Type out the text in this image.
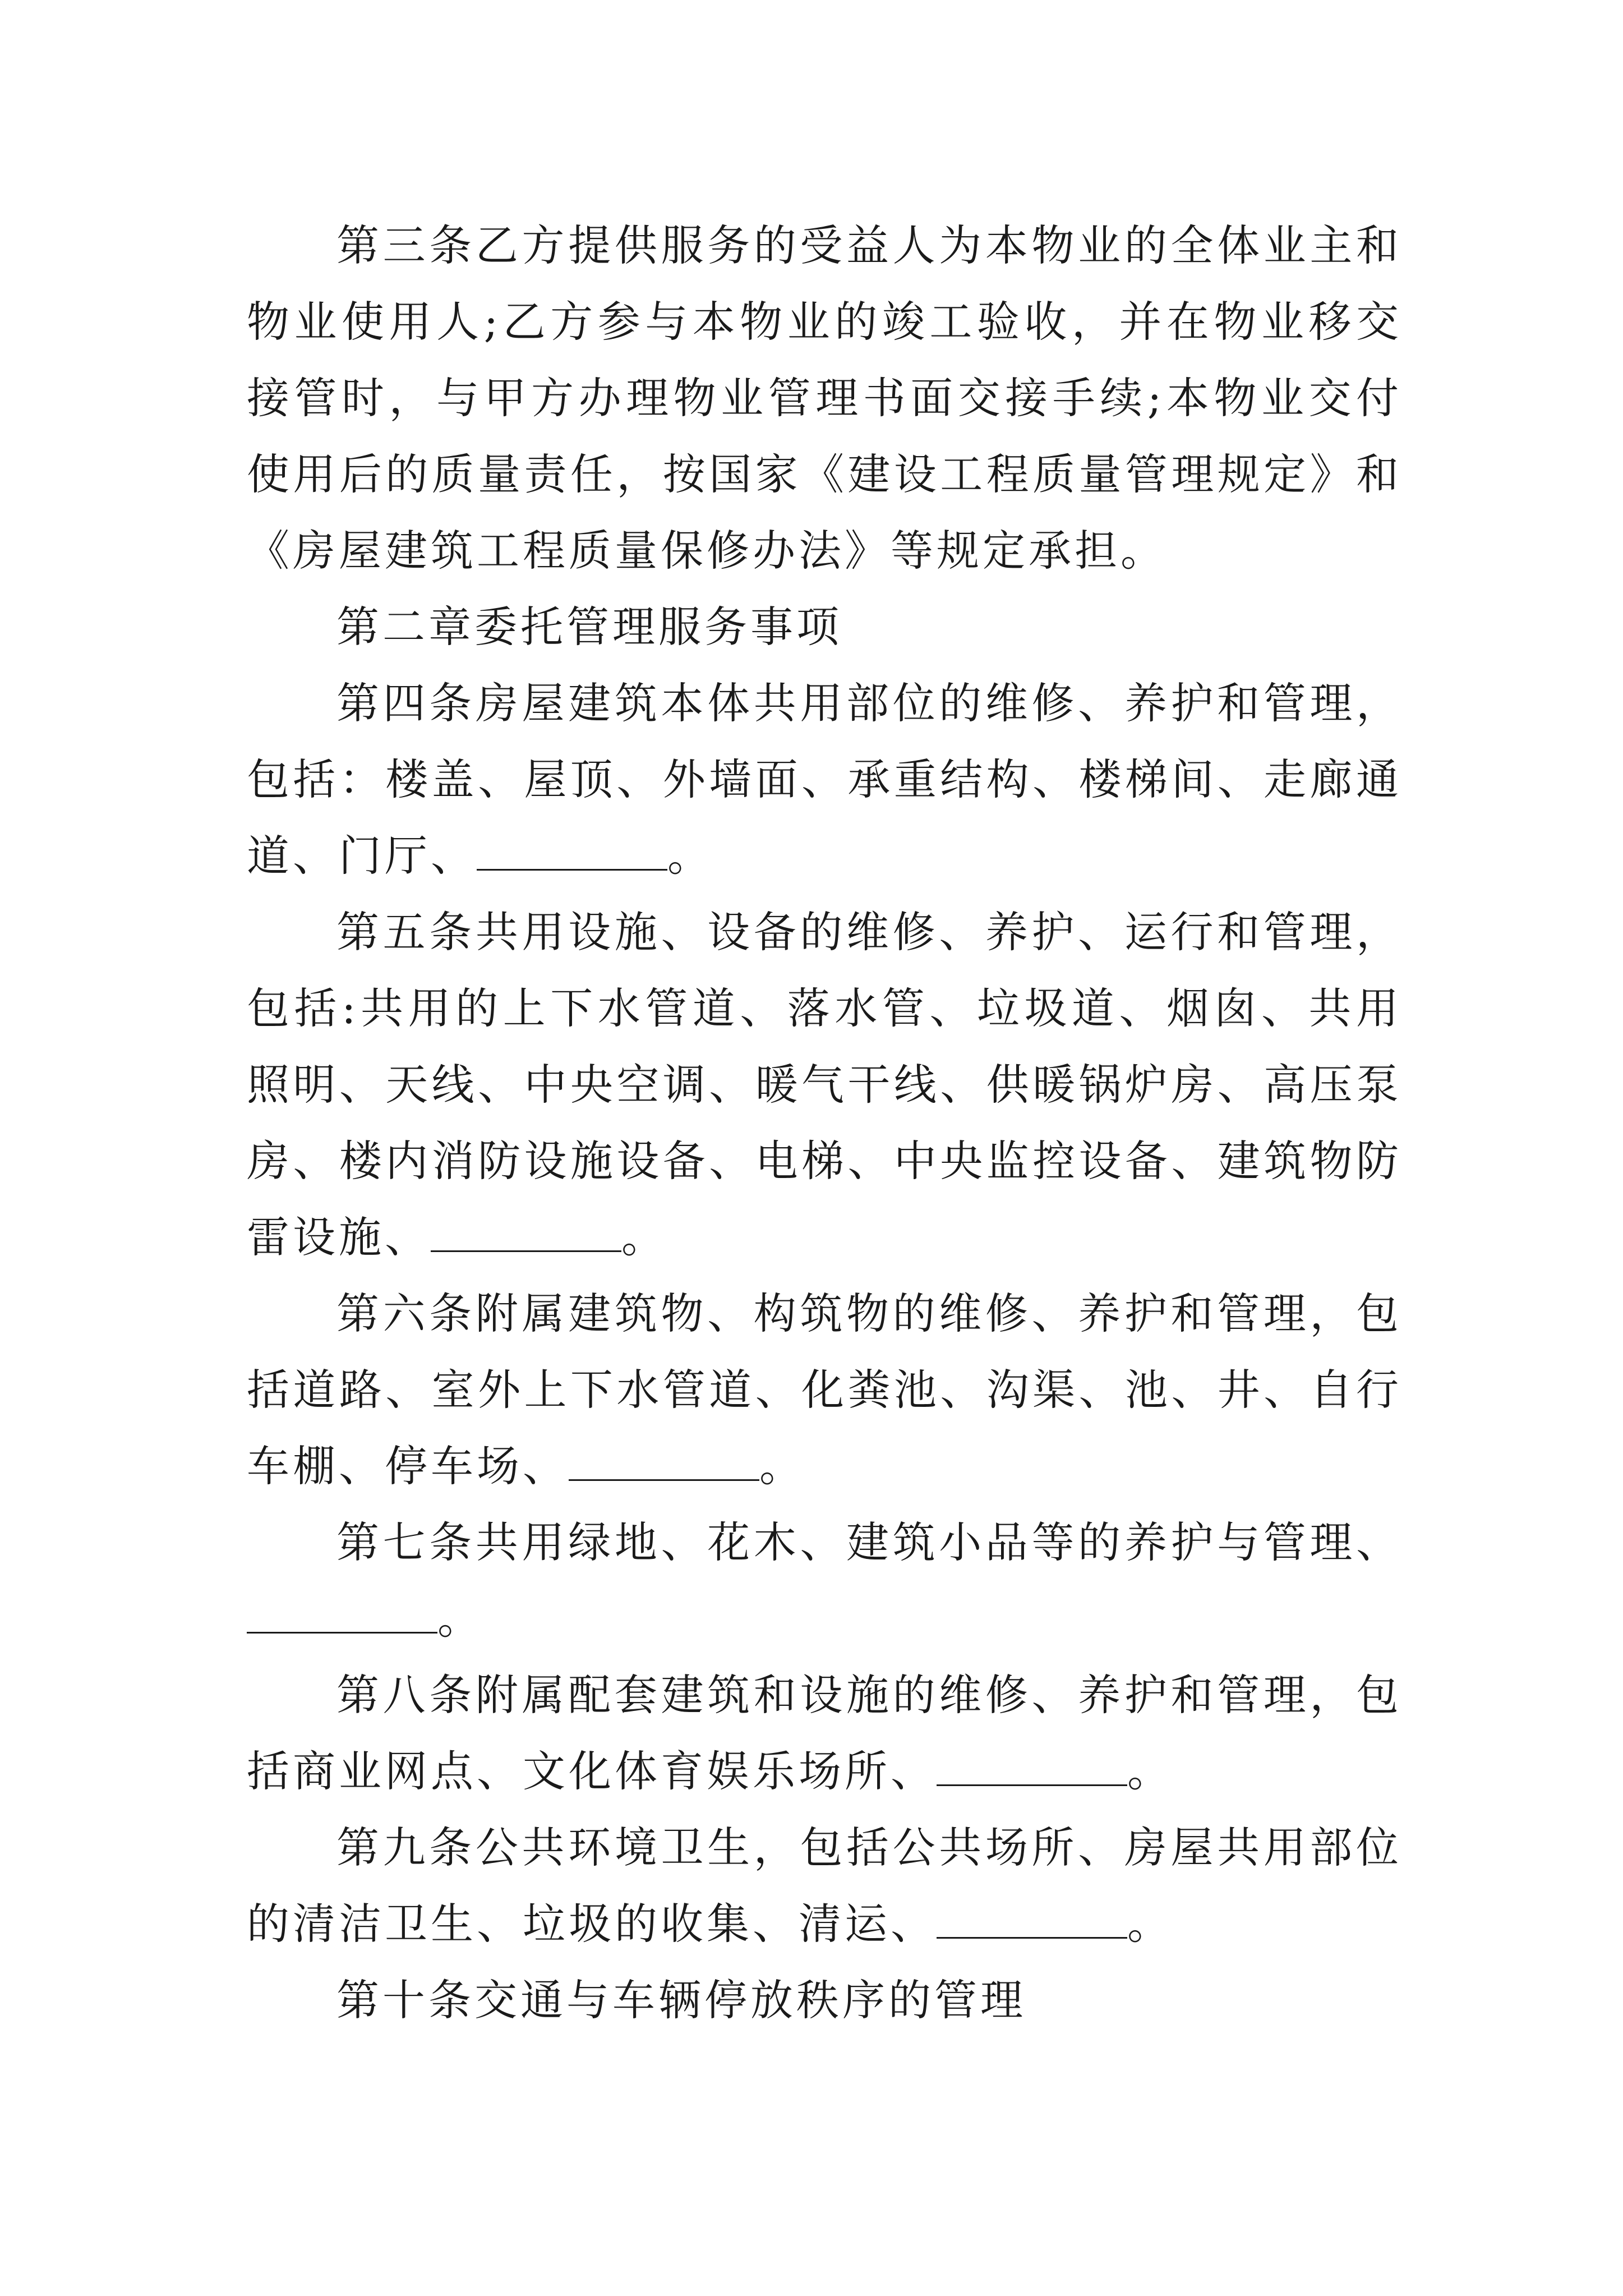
第三条乙方提供服务的受益人为本物业的全体业主和物业使用人;乙方参与本物业的竣工验收，并在物业移交接管时，与甲方办理物业管理书面交接手续;本物业交付使用后的质量责任，按国家《建设工程质量管理规定》和《房屋建筑工程质量保修办法》等规定承担。

第二章委托管理服务事项

第四条房屋建筑本体共用部位的维修、养护和管理，包括：楼盖、屋顶、外墙面、承重结构、楼梯间、走廊通道、门厅、	。

第五条共用设施、设备的维修、养护、运行和管理，包括:共用的上下水管道、落水管、垃圾道、烟囱、共用照明、天线、中央空调、暖气干线、供暖锅炉房、高压泵房、楼内消防设施设备、电梯、中央监控设备、建筑物防雷设施、	。

第六条附属建筑物、构筑物的维修、养护和管理，包括道路、室外上下水管道、化粪池、沟渠、池、井、自行车棚、停车场、	。

第七条共用绿地、花木、建筑小品等的养护与管理、。

第八条附属配套建筑和设施的维修、养护和管理，包括商业网点、文化体育娱乐场所、	。

第九条公共环境卫生，包括公共场所、房屋共用部位的清洁卫生、垃圾的收集、清运、	。

第十条交通与车辆停放秩序的管理
